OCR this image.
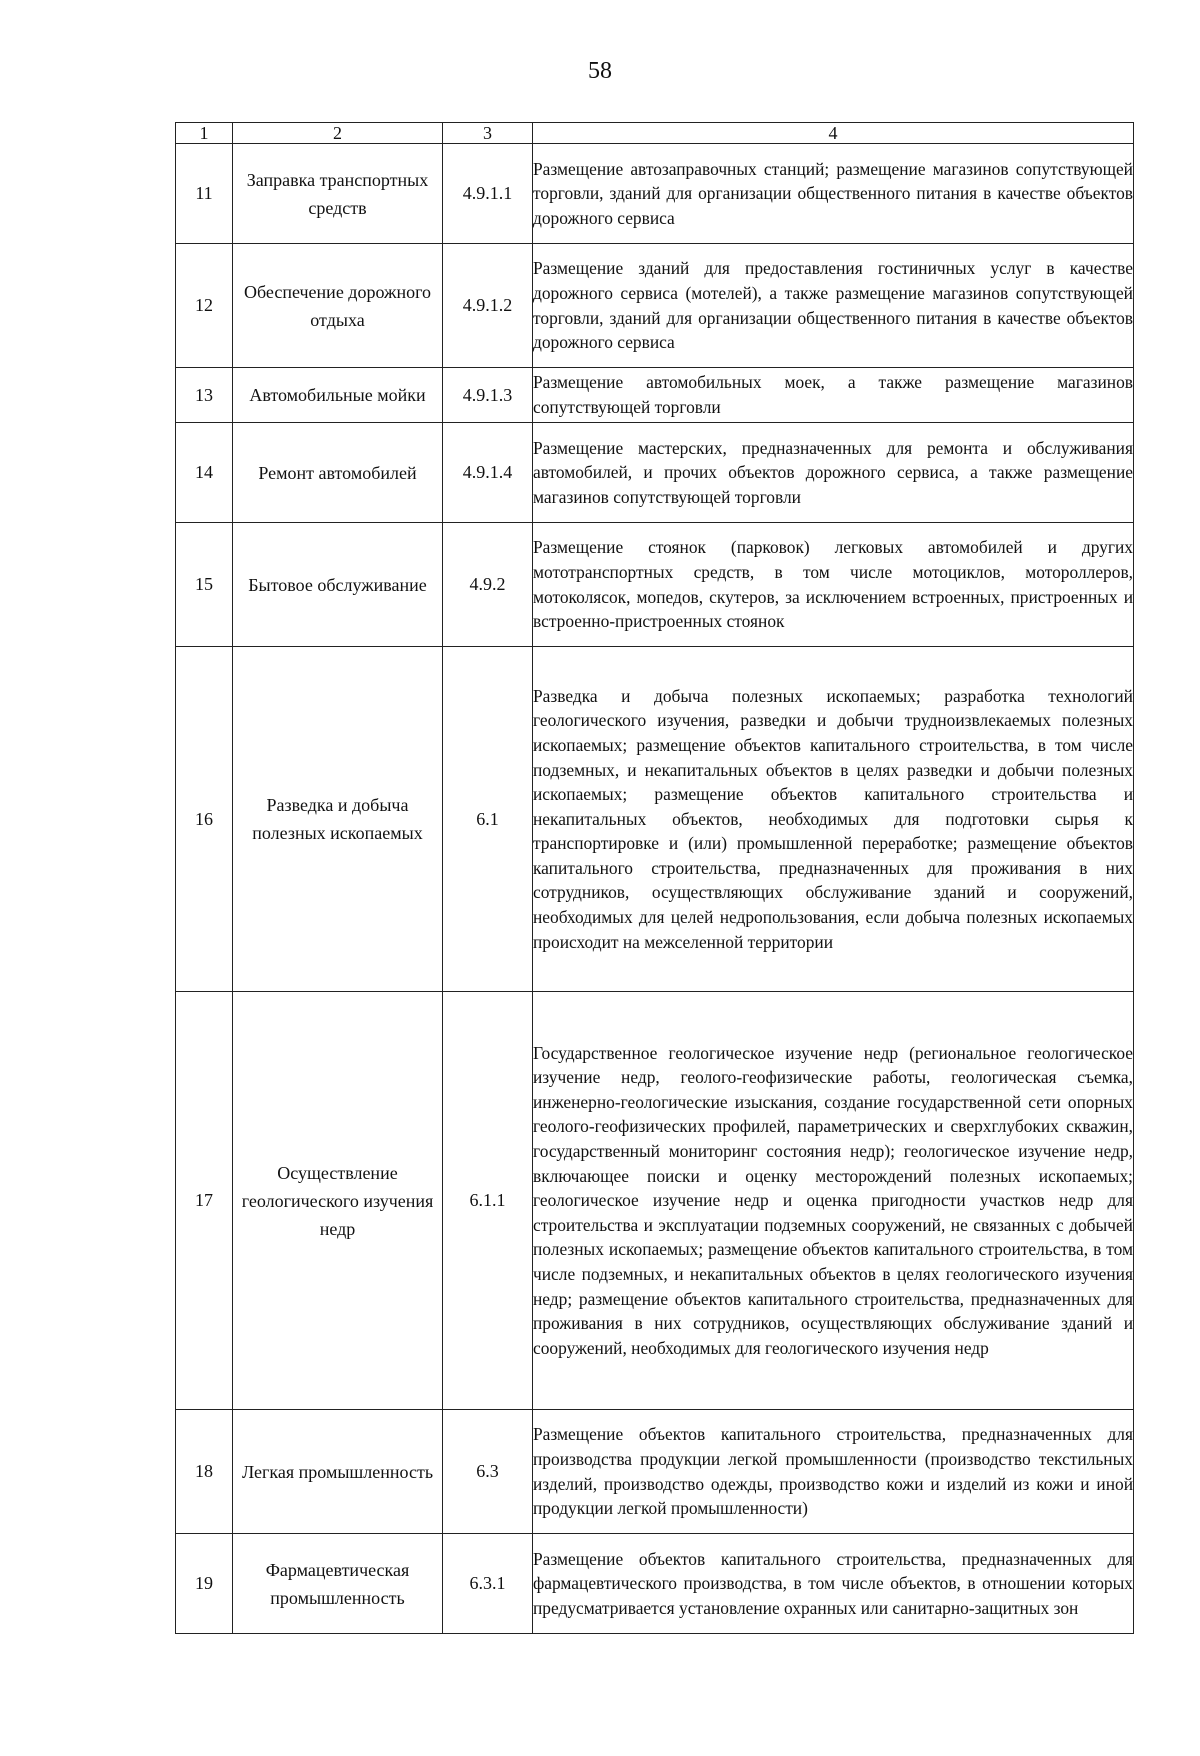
58
1	2	3	4
11	Заправка транспортных средств	4.9.1.1	Размещение автозаправочных станций; размещение магазинов сопутствующей торговли, зданий для организации общественного питания в качестве объектов дорожного сервиса
12	Обеспечение дорожного отдыха	4.9.1.2	Размещение зданий для предоставления гостиничных услуг в качестве дорожного сервиса (мотелей), а также размещение магазинов сопутствующей торговли, зданий для организации общественного питания в качестве объектов дорожного сервиса
13	Автомобильные мойки	4.9.1.3	Размещение автомобильных моек, а также размещение магазинов сопутствующей торговли
14	Ремонт автомобилей	4.9.1.4	Размещение мастерских, предназначенных для ремонта и обслуживания автомобилей, и прочих объектов дорожного сервиса, а также размещение магазинов сопутствующей торговли
15	Бытовое обслуживание	4.9.2	Размещение стоянок (парковок) легковых автомобилей и других мототранспортных средств, в том числе мотоциклов, мотороллеров, мотоколясок, мопедов, скутеров, за исключением встроенных, пристроенных и встроенно-пристроенных стоянок
16	Разведка и добыча полезных ископаемых	6.1	Разведка и добыча полезных ископаемых; разработка технологий геологического изучения, разведки и добычи трудноизвлекаемых полезных ископаемых; размещение объектов капитального строительства, в том числе подземных, и некапитальных объектов в целях разведки и добычи полезных ископаемых; размещение объектов капитального строительства и некапитальных объектов, необходимых для подготовки сырья к транспортировке и (или) промышленной переработке; размещение объектов капитального строительства, предназначенных для проживания в них сотрудников, осуществляющих обслуживание зданий и сооружений, необходимых для целей недропользования, если добыча полезных ископаемых происходит на межселенной территории
17	Осуществление геологического изучения недр	6.1.1	Государственное геологическое изучение недр (региональное геологическое изучение недр, геолого-геофизические работы, геологическая съемка, инженерно-геологические изыскания, создание государственной сети опорных геолого-геофизических профилей, параметрических и сверхглубоких скважин, государственный мониторинг состояния недр); геологическое изучение недр, включающее поиски и оценку месторождений полезных ископаемых; геологическое изучение недр и оценка пригодности участков недр для строительства и эксплуатации подземных сооружений, не связанных с добычей полезных ископаемых; размещение объектов капитального строительства, в том числе подземных, и некапитальных объектов в целях геологического изучения недр; размещение объектов капитального строительства, предназначенных для проживания в них сотрудников, осуществляющих обслуживание зданий и сооружений, необходимых для геологического изучения недр
18	Легкая промышленность	6.3	Размещение объектов капитального строительства, предназначенных для производства продукции легкой промышленности (производство текстильных изделий, производство одежды, производство кожи и изделий из кожи и иной продукции легкой промышленности)
19	Фармацевтическая промышленность	6.3.1	Размещение объектов капитального строительства, предназначенных для фармацевтического производства, в том числе объектов, в отношении которых предусматривается установление охранных или санитарно-защитных зон
